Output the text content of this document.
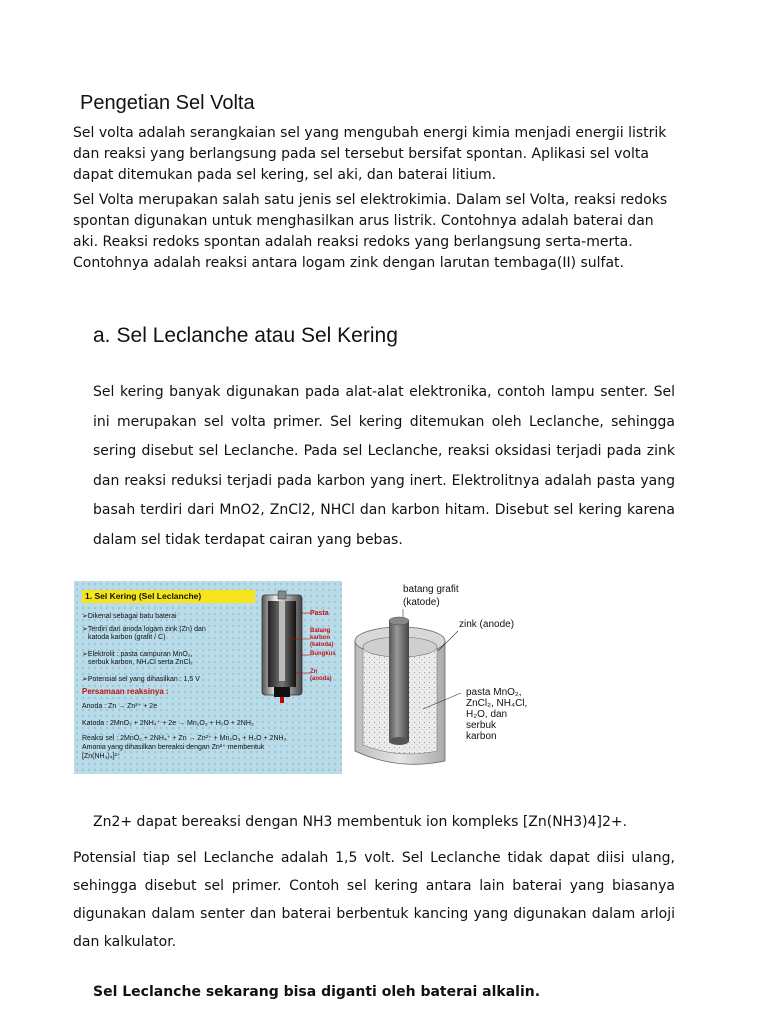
Pengetian Sel Volta
Sel volta adalah serangkaian sel yang mengubah energi kimia menjadi energii listrik dan reaksi yang berlangsung pada sel tersebut bersifat spontan. Aplikasi sel volta dapat ditemukan pada sel kering, sel aki, dan baterai litium.
Sel Volta merupakan salah satu jenis sel elektrokimia. Dalam sel Volta, reaksi redoks spontan digunakan untuk menghasilkan arus listrik. Contohnya adalah baterai dan aki. Reaksi redoks spontan adalah reaksi redoks yang berlangsung serta-merta. Contohnya adalah reaksi antara logam zink dengan larutan tembaga(II) sulfat.
a. Sel Leclanche atau Sel Kering
Sel kering banyak digunakan pada alat-alat elektronika, contoh lampu senter. Sel ini merupakan sel volta primer. Sel kering ditemukan oleh Leclanche, sehingga sering disebut sel Leclanche. Pada sel Leclanche, reaksi oksidasi terjadi pada zink dan reaksi reduksi terjadi pada karbon yang inert. Elektrolitnya adalah pasta yang basah terdiri dari MnO2, ZnCl2, NHCl dan karbon hitam. Disebut sel kering karena dalam sel tidak terdapat cairan yang bebas.
1. Sel Kering (Sel Leclanche)
➢Dikenal sebagai batu baterai
➢Terdiri dari anoda logam zink (Zn) dan
katoda karbon (grafit / C)
➢Elektrolit : pasta campuran MnO₂,
serbuk karbon, NH₄Cl serta ZnCl₂
➢Potensial sel yang dihasilkan : 1,5 V
Persamaan reaksinya :
Anoda : Zn → Zn²⁺ + 2e
Katoda : 2MnO₂ + 2NH₄⁺ + 2e → Mn₂O₃ + H₂O + 2NH₃
Reaksi sel : 2MnO₂ + 2NH₄⁺ + Zn → Zn²⁺ + Mn₂O₃ + H₂O + 2NH₃
Amonia yang dihasilkan bereaksi dengan Zn²⁺ membentuk
[Zn(NH₃)₄]²⁺
Pasta
Batang karbon (katoda)
Bungkus
Zn (anoda)
batang grafit
(katode)
zink (anode)
pasta MnO₂,
ZnCl₂, NH₄Cl,
H₂O, dan
serbuk
karbon
Zn2+ dapat bereaksi dengan NH3 membentuk ion kompleks [Zn(NH3)4]2+.
Potensial tiap sel Leclanche adalah 1,5 volt. Sel Leclanche tidak dapat diisi ulang, sehingga disebut sel primer. Contoh sel kering antara lain baterai yang biasanya digunakan dalam senter dan baterai berbentuk kancing yang digunakan dalam arloji dan kalkulator.
Sel Leclanche sekarang bisa diganti oleh baterai alkalin.
